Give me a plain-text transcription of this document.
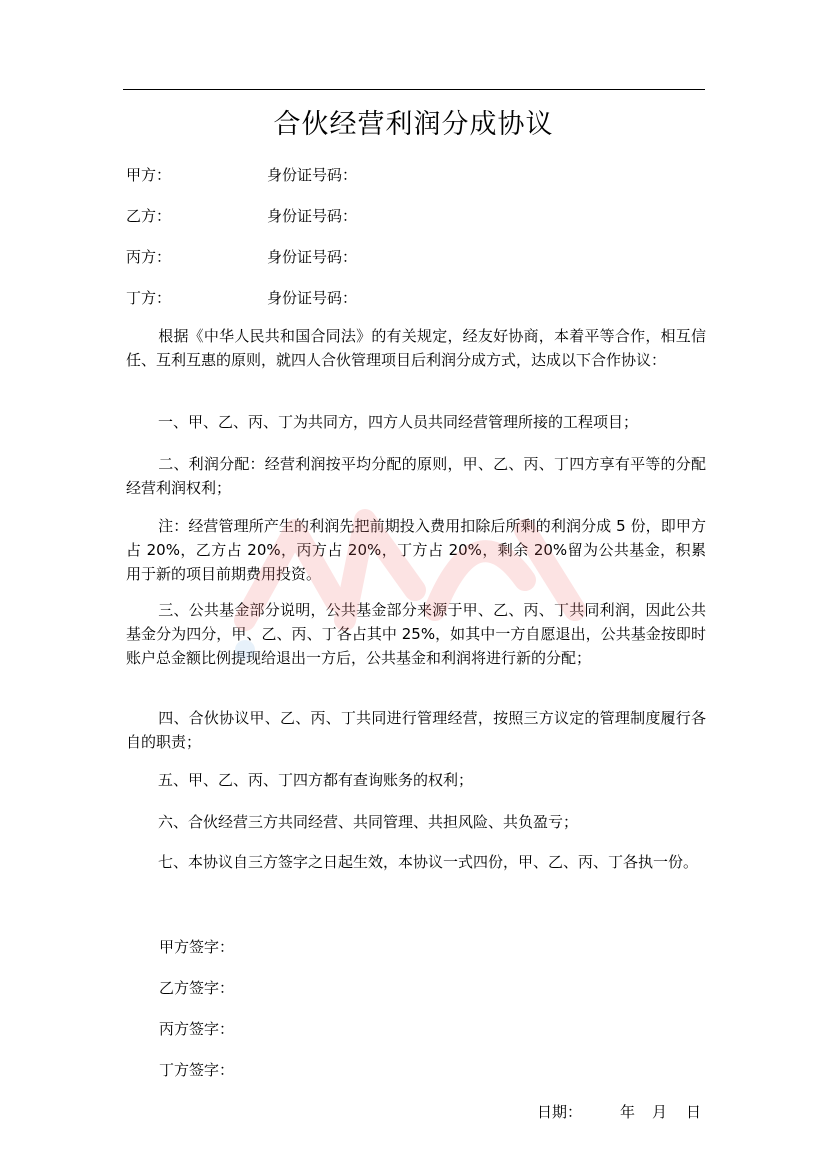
合伙经营利润分成协议
甲方：	身份证号码：
乙方：	身份证号码：
丙方：	身份证号码：
丁方：	身份证号码：
根据《中华人民共和国合同法》的有关规定，经友好协商，本着平等合作，相互信任、互利互惠的原则，就四人合伙管理项目后利润分成方式，达成以下合作协议：
一、甲、乙、丙、丁为共同方，四方人员共同经营管理所接的工程项目；
二、利润分配：经营利润按平均分配的原则，甲、乙、丙、丁四方享有平等的分配经营利润权利；
注：经营管理所产生的利润先把前期投入费用扣除后所剩的利润分成 5 份，即甲方占 20%，乙方占 20%，丙方占 20%，丁方占 20%，剩余 20%留为公共基金，积累用于新的项目前期费用投资。
三、公共基金部分说明，公共基金部分来源于甲、乙、丙、丁共同利润，因此公共基金分为四分，甲、乙、丙、丁各占其中 25%，如其中一方自愿退出，公共基金按即时账户总金额比例提现给退出一方后，公共基金和利润将进行新的分配；
四、合伙协议甲、乙、丙、丁共同进行管理经营，按照三方议定的管理制度履行各自的职责；
五、甲、乙、丙、丁四方都有查询账务的权利；
六、合伙经营三方共同经营、共同管理、共担风险、共负盈亏；
七、本协议自三方签字之日起生效，本协议一式四份，甲、乙、丙、丁各执一份。
甲方签字：
乙方签字：
丙方签字：
丁方签字：
日期：	年 月 日
